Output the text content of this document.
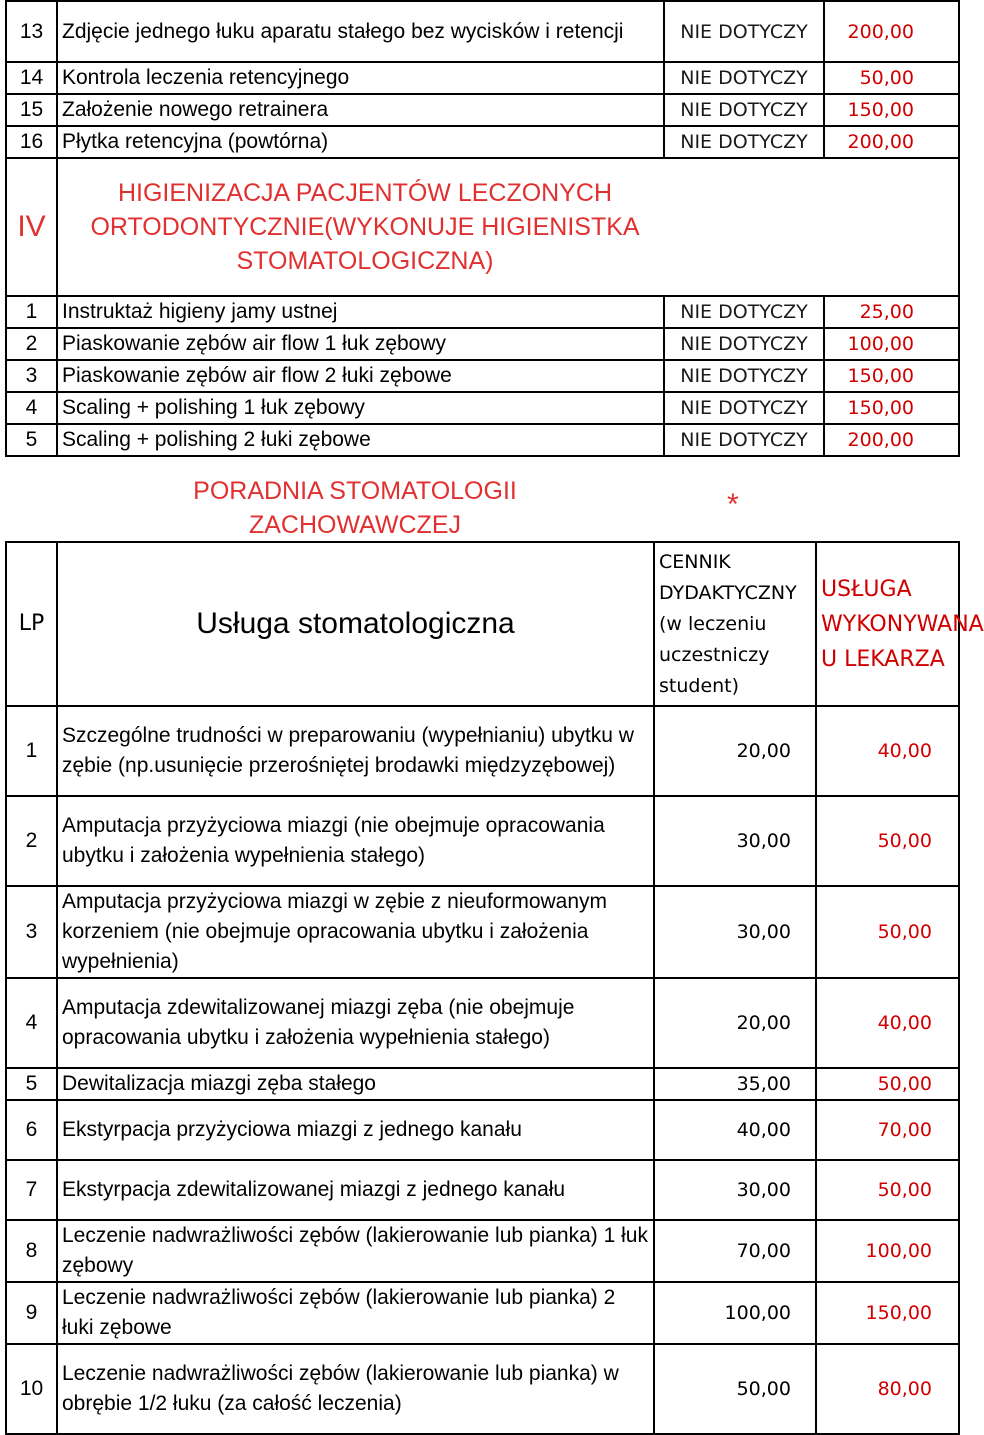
13	Zdjęcie jednego łuku aparatu stałego bez wycisków i retencji	NIE DOTYCZY	200,00
14	Kontrola leczenia retencyjnego	NIE DOTYCZY	50,00
15	Założenie nowego retrainera	NIE DOTYCZY	150,00
16	Płytka retencyjna (powtórna)	NIE DOTYCZY	200,00
IV	HIGIENIZACJA PACJENTÓW LECZONYCH ORTODONTYCZNIE(WYKONUJE HIGIENISTKA STOMATOLOGICZNA)		

1	Instruktaż higieny jamy ustnej	NIE DOTYCZY	25,00
2	Piaskowanie zębów air flow 1 łuk zębowy	NIE DOTYCZY	100,00
3	Piaskowanie zębów air flow 2 łuki zębowe	NIE DOTYCZY	150,00
4	Scaling + polishing 1 łuk zębowy	NIE DOTYCZY	150,00
5	Scaling + polishing 2 łuki zębowe	NIE DOTYCZY	200,00
PORADNIA STOMATOLOGII ZACHOWAWCZEJ
*
LP	Usługa stomatologiczna	CENNIK DYDAKTYCZNY (w leczeniu uczestniczy student)	USŁUGA WYKONYWANA U LEKARZA
1	Szczególne trudności w preparowaniu (wypełnianiu) ubytku w zębie (np.usunięcie przerośniętej brodawki międzyzębowej)	20,00	40,00
2	Amputacja przyżyciowa miazgi (nie obejmuje opracowania ubytku i założenia wypełnienia stałego)	30,00	50,00
3	Amputacja przyżyciowa miazgi w zębie z nieuformowanym korzeniem (nie obejmuje opracowania ubytku i założenia wypełnienia)	30,00	50,00
4	Amputacja zdewitalizowanej miazgi zęba (nie obejmuje opracowania ubytku i założenia wypełnienia stałego)	20,00	40,00
5	Dewitalizacja miazgi zęba stałego	35,00	50,00
6	Ekstyrpacja przyżyciowa miazgi z jednego kanału	40,00	70,00
7	Ekstyrpacja zdewitalizowanej miazgi z jednego kanału	30,00	50,00
8	Leczenie nadwrażliwości zębów (lakierowanie lub pianka) 1 łuk zębowy	70,00	100,00
9	Leczenie nadwrażliwości zębów (lakierowanie lub pianka) 2 łuki zębowe	100,00	150,00
10	Leczenie nadwrażliwości zębów (lakierowanie lub pianka) w obrębie 1/2 łuku (za całość leczenia)	50,00	80,00
